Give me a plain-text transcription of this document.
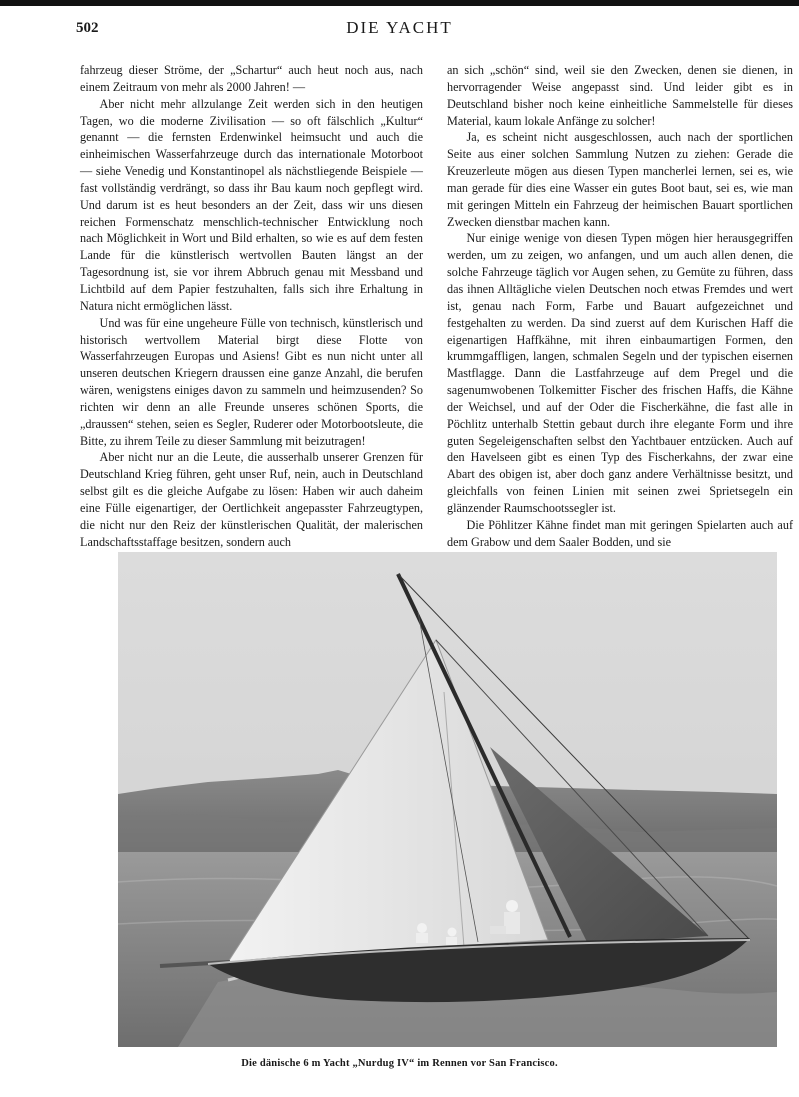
502	DIE YACHT

fahrzeug dieser Ströme, der „Schartur“ auch heut noch aus, nach einem Zeitraum von mehr als 2000 Jahren! —

Aber nicht mehr allzulange Zeit werden sich in den heutigen Tagen, wo die moderne Zivilisation — so oft fälschlich „Kultur“ genannt — die fernsten Erdenwinkel heimsucht und auch die einheimischen Wasserfahrzeuge durch das internationale Motorboot — siehe Venedig und Konstantinopel als nächstliegende Beispiele — fast vollständig verdrängt, so dass ihr Bau kaum noch gepflegt wird. Und darum ist es heut besonders an der Zeit, dass wir uns diesen reichen Formenschatz menschlich-technischer Entwicklung noch nach Möglichkeit in Wort und Bild erhalten, so wie es auf dem festen Lande für die künstlerisch wertvollen Bauten längst an der Tagesordnung ist, sie vor ihrem Abbruch genau mit Messband und Lichtbild auf dem Papier festzuhalten, falls sich ihre Erhaltung in Natura nicht ermöglichen lässt.

Und was für eine ungeheure Fülle von technisch, künstlerisch und historisch wertvollem Material birgt diese Flotte von Wasserfahrzeugen Europas und Asiens! Gibt es nun nicht unter all unseren deutschen Kriegern draussen eine ganze Anzahl, die berufen wären, wenigstens einiges davon zu sammeln und heimzusenden? So richten wir denn an alle Freunde unseres schönen Sports, die „draussen“ stehen, seien es Segler, Ruderer oder Motorbootsleute, die Bitte, zu ihrem Teile zu dieser Sammlung mit beizutragen!

Aber nicht nur an die Leute, die ausserhalb unserer Grenzen für Deutschland Krieg führen, geht unser Ruf, nein, auch in Deutschland selbst gilt es die gleiche Aufgabe zu lösen: Haben wir auch daheim eine Fülle eigenartiger, der Oertlichkeit angepasster Fahrzeugtypen, die nicht nur den Reiz der künstlerischen Qualität, der malerischen Landschaftsstaffage besitzen, sondern auch

an sich „schön“ sind, weil sie den Zwecken, denen sie dienen, in hervorragender Weise angepasst sind. Und leider gibt es in Deutschland bisher noch keine einheitliche Sammelstelle für dieses Material, kaum lokale Anfänge zu solcher!

Ja, es scheint nicht ausgeschlossen, auch nach der sportlichen Seite aus einer solchen Sammlung Nutzen zu ziehen: Gerade die Kreuzerleute mögen aus diesen Typen mancherlei lernen, sei es, wie man gerade für dies eine Wasser ein gutes Boot baut, sei es, wie man mit geringen Mitteln ein Fahrzeug der heimischen Bauart sportlichen Zwecken dienstbar machen kann.

Nur einige wenige von diesen Typen mögen hier herausgegriffen werden, um zu zeigen, wo anfangen, und um auch allen denen, die solche Fahrzeuge täglich vor Augen sehen, zu Gemüte zu führen, dass das ihnen Alltägliche vielen Deutschen noch etwas Fremdes und wert ist, genau nach Form, Farbe und Bauart aufgezeichnet und festgehalten zu werden. Da sind zuerst auf dem Kurischen Haff die eigenartigen Haffkähne, mit ihren einbaumartigen Formen, den krummgaffligen, langen, schmalen Segeln und der typischen eisernen Mastflagge. Dann die Lastfahrzeuge auf dem Pregel und die sagenumwobenen Tolkemitter Fischer des frischen Haffs, die Kähne der Weichsel, und auf der Oder die Fischerkähne, die fast alle in Pöchlitz unterhalb Stettin gebaut durch ihre elegante Form und ihre guten Segeleigenschaften selbst den Yachtbauer entzücken. Auch auf den Havelseen gibt es einen Typ des Fischerkahns, der zwar eine Abart des obigen ist, aber doch ganz andere Verhältnisse besitzt, und gleichfalls von feinen Linien mit seinen zwei Sprietsegeln ein glänzender Raumschootssegler ist.

Die Pöhlitzer Kähne findet man mit geringen Spielarten auch auf dem Grabow und dem Saaler Bodden, und sie

Die dänische 6 m Yacht „Nurdug IV“ im Rennen vor San Francisco.
